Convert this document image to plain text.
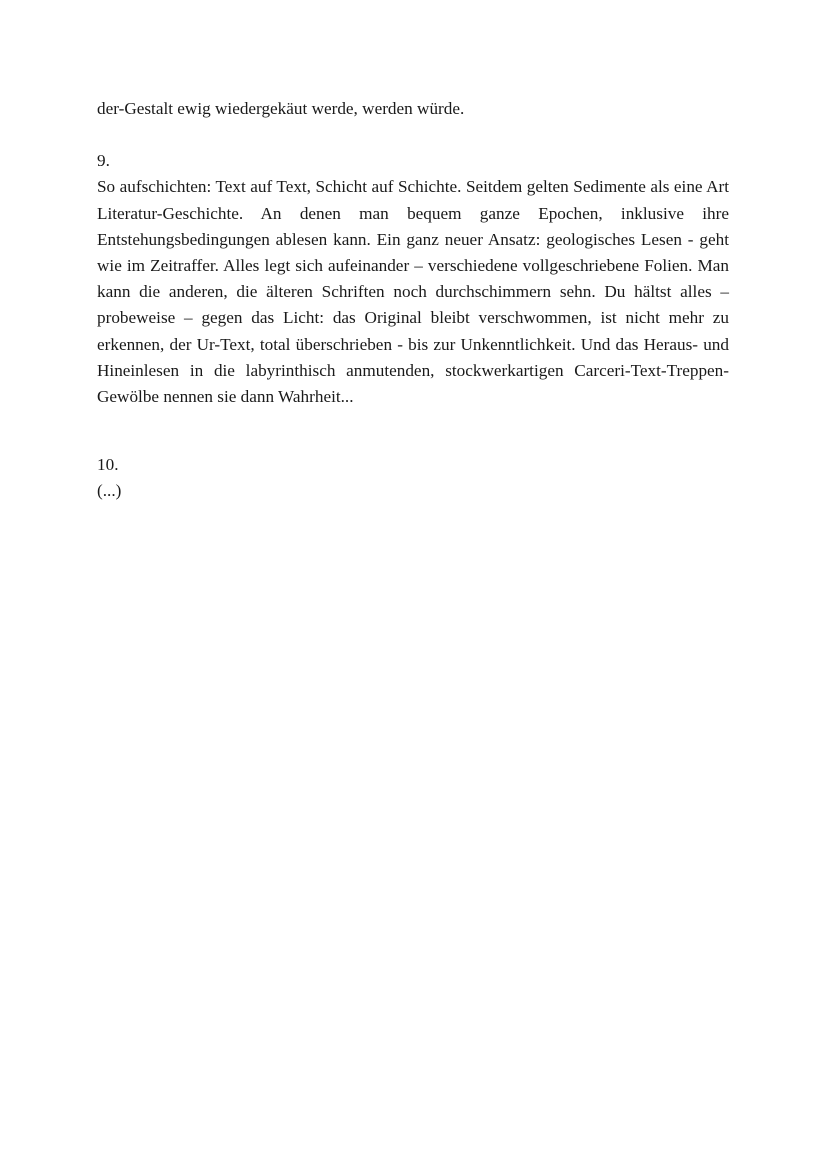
der-Gestalt ewig wiedergekäut werde, werden würde.

9.

So aufschichten: Text auf Text, Schicht auf Schichte. Seitdem gelten Sedimente als eine Art Literatur-Geschichte. An denen man bequem ganze Epochen, inklusive ihre Entstehungsbedingungen ablesen kann. Ein ganz neuer Ansatz: geologisches Lesen - geht wie im Zeitraffer. Alles legt sich aufeinander – verschiedene vollgeschriebene Folien. Man kann die anderen, die älteren Schriften noch durchschimmern sehn. Du hältst alles – probeweise – gegen das Licht: das Original bleibt verschwommen, ist nicht mehr zu erkennen, der Ur-Text, total überschrieben - bis zur Unkenntlichkeit. Und das Heraus- und Hineinlesen in die labyrinthisch anmutenden, stockwerkartigen Carceri-Text-Treppen-Gewölbe nennen sie dann Wahrheit...

10.

(...)
